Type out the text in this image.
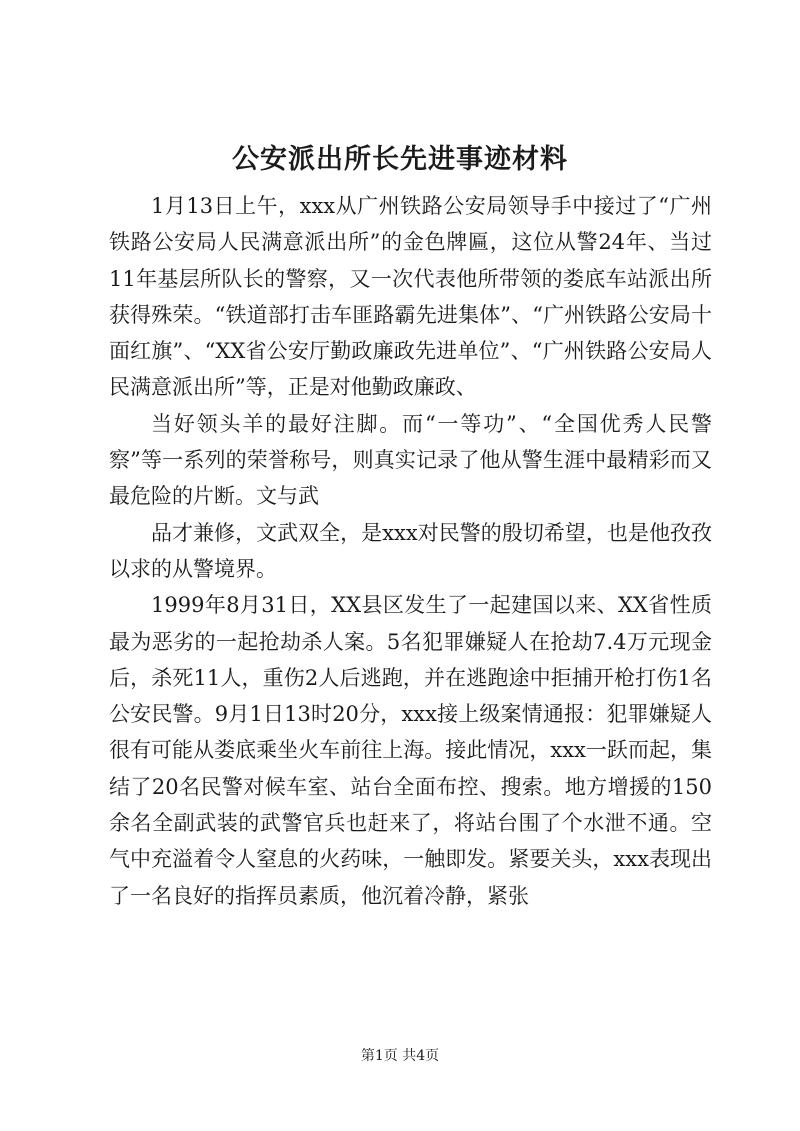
公安派出所长先进事迹材料

1月13日上午，xxx从广州铁路公安局领导手中接过了“广州铁路公安局人民满意派出所”的金色牌匾，这位从警24年、当过11年基层所队长的警察，又一次代表他所带领的娄底车站派出所获得殊荣。“铁道部打击车匪路霸先进集体”、“广州铁路公安局十面红旗”、“XX省公安厅勤政廉政先进单位”、“广州铁路公安局人民满意派出所”等，正是对他勤政廉政、

当好领头羊的最好注脚。而“一等功”、“全国优秀人民警察”等一系列的荣誉称号，则真实记录了他从警生涯中最精彩而又最危险的片断。文与武

品才兼修，文武双全，是xxx对民警的殷切希望，也是他孜孜以求的从警境界。

1999年8月31日，XX县区发生了一起建国以来、XX省性质最为恶劣的一起抢劫杀人案。5名犯罪嫌疑人在抢劫7.4万元现金后，杀死11人，重伤2人后逃跑，并在逃跑途中拒捕开枪打伤1名公安民警。9月1日13时20分，xxx接上级案情通报：犯罪嫌疑人很有可能从娄底乘坐火车前往上海。接此情况，xxx一跃而起，集结了20名民警对候车室、站台全面布控、搜索。地方增援的150余名全副武装的武警官兵也赶来了，将站台围了个水泄不通。空气中充溢着令人窒息的火药味，一触即发。紧要关头，xxx表现出了一名良好的指挥员素质，他沉着冷静，紧张

第1页 共4页
